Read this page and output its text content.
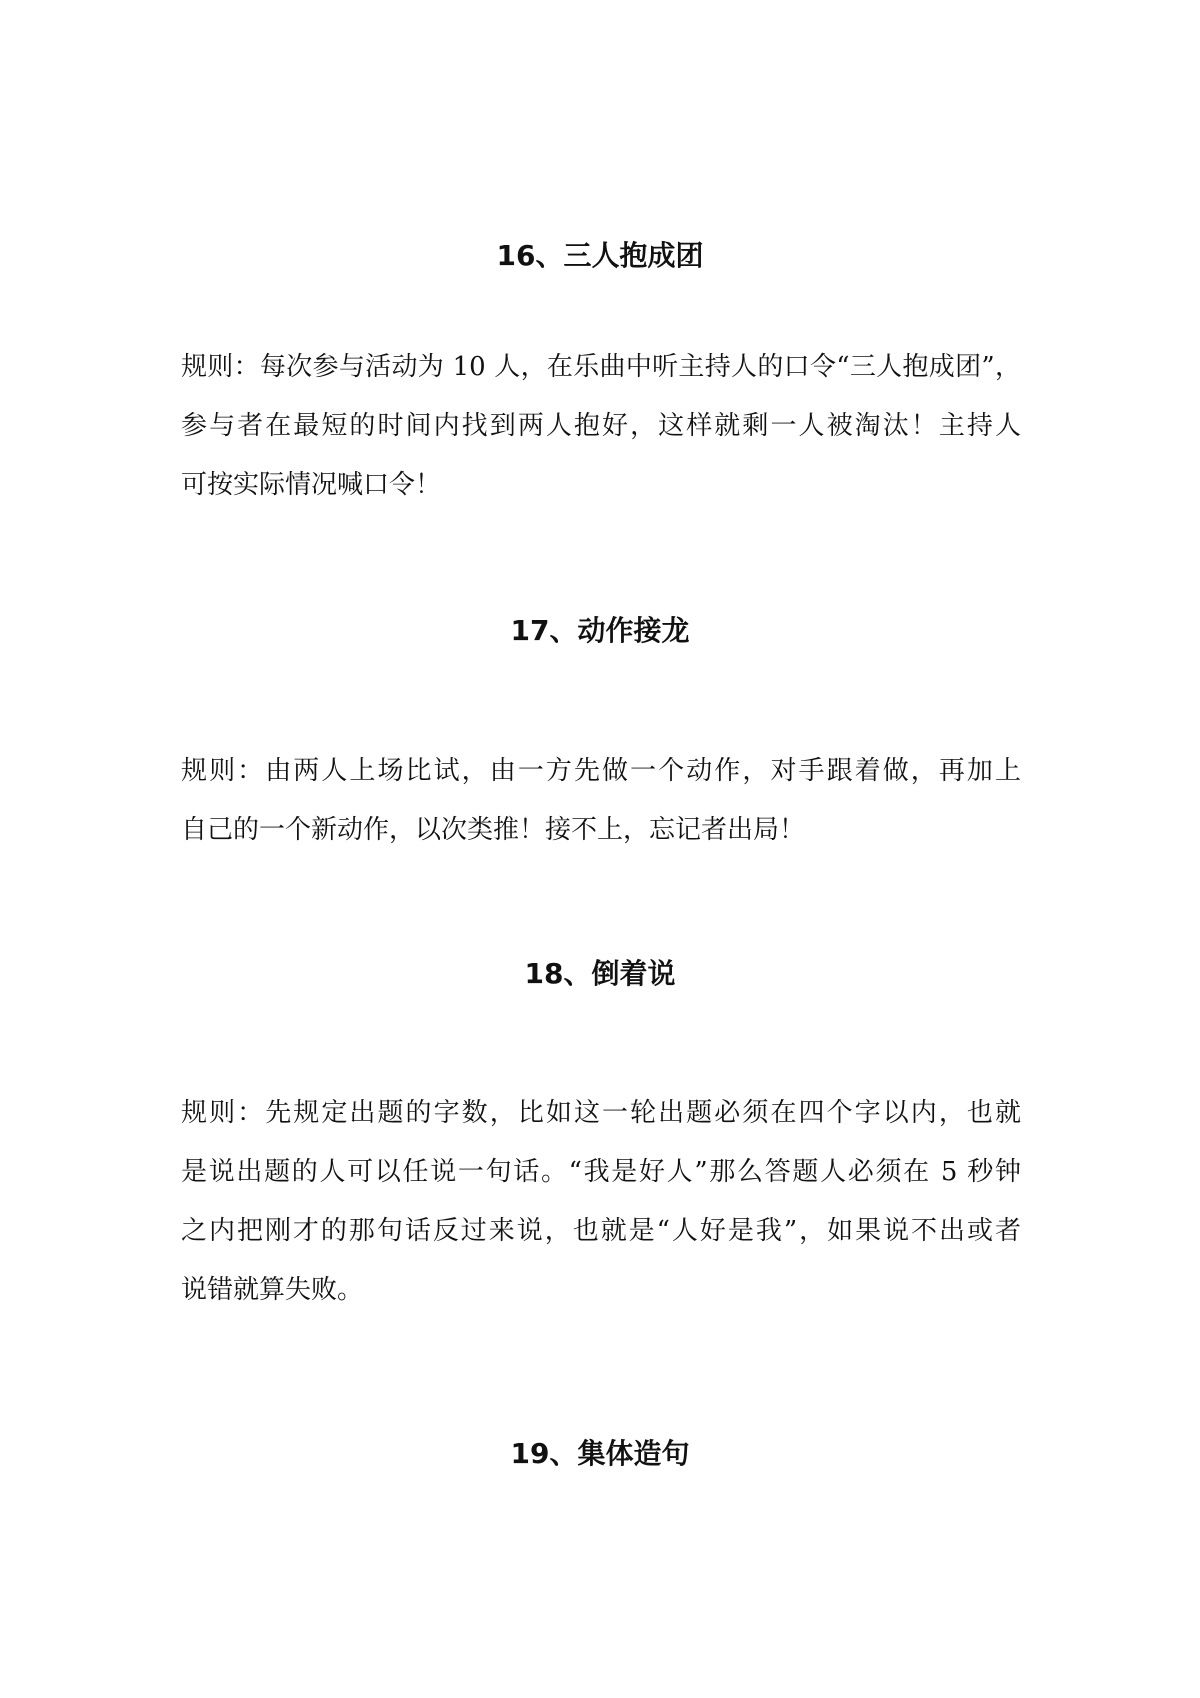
16、三人抱成团
规则：每次参与活动为 10 人，在乐曲中听主持人的口令“三人抱成团”，
参与者在最短的时间内找到两人抱好，这样就剩一人被淘汰！主持人
可按实际情况喊口令！
17、动作接龙
规则：由两人上场比试，由一方先做一个动作，对手跟着做，再加上
自己的一个新动作，以次类推！接不上，忘记者出局！
18、倒着说
规则：先规定出题的字数，比如这一轮出题必须在四个字以内，也就
是说出题的人可以任说一句话。“我是好人”那么答题人必须在 5 秒钟
之内把刚才的那句话反过来说，也就是“人好是我”，如果说不出或者
说错就算失败。
19、集体造句
